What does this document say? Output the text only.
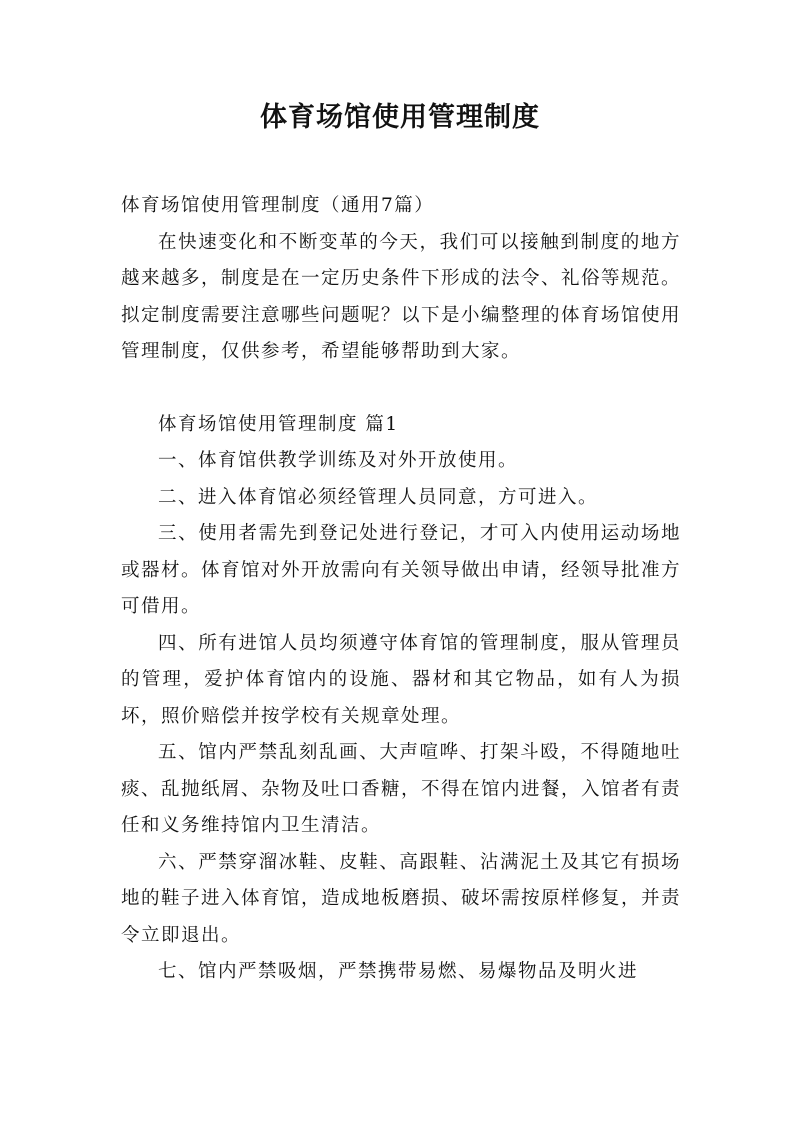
体育场馆使用管理制度

体育场馆使用管理制度（通用7篇）

在快速变化和不断变革的今天，我们可以接触到制度的地方越来越多，制度是在一定历史条件下形成的法令、礼俗等规范。拟定制度需要注意哪些问题呢？以下是小编整理的体育场馆使用管理制度，仅供参考，希望能够帮助到大家。

体育场馆使用管理制度 篇1

一、体育馆供教学训练及对外开放使用。

二、进入体育馆必须经管理人员同意，方可进入。

三、使用者需先到登记处进行登记，才可入内使用运动场地或器材。体育馆对外开放需向有关领导做出申请，经领导批准方可借用。

四、所有进馆人员均须遵守体育馆的管理制度，服从管理员的管理，爱护体育馆内的设施、器材和其它物品，如有人为损坏，照价赔偿并按学校有关规章处理。

五、馆内严禁乱刻乱画、大声喧哗、打架斗殴，不得随地吐痰、乱抛纸屑、杂物及吐口香糖，不得在馆内进餐，入馆者有责任和义务维持馆内卫生清洁。

六、严禁穿溜冰鞋、皮鞋、高跟鞋、沾满泥土及其它有损场地的鞋子进入体育馆，造成地板磨损、破坏需按原样修复，并责令立即退出。

七、馆内严禁吸烟，严禁携带易燃、易爆物品及明火进
